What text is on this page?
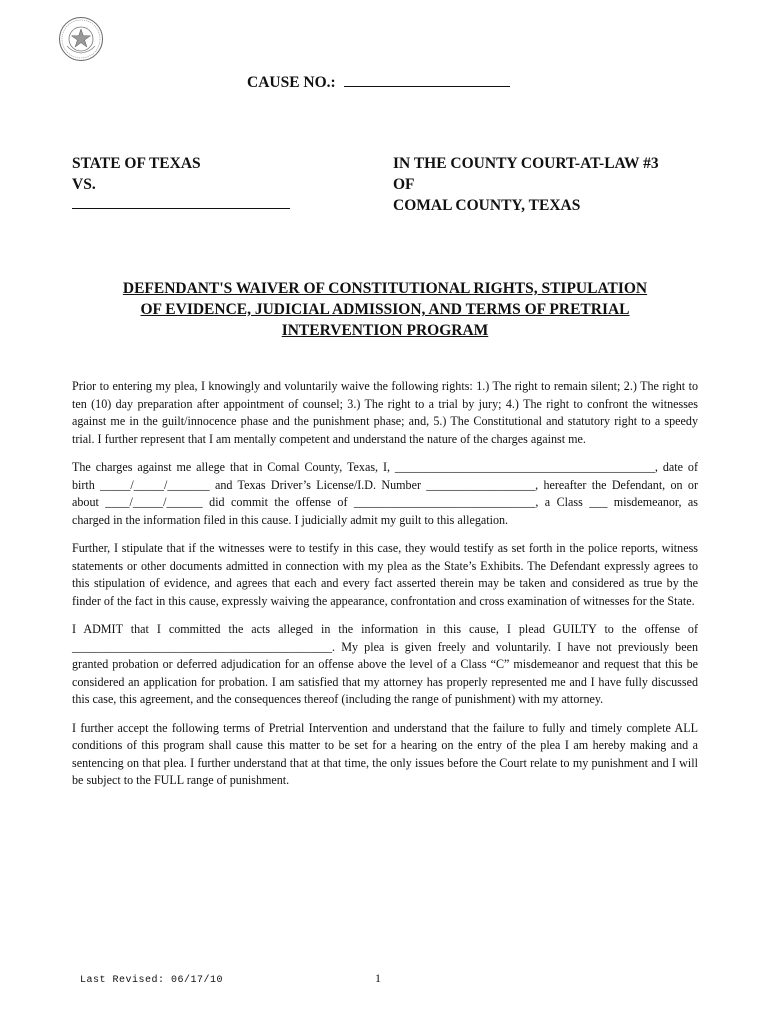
CAUSE NO.:
STATE OF TEXAS
VS.
IN THE COUNTY COURT-AT-LAW #3
OF
COMAL COUNTY, TEXAS
DEFENDANT'S WAIVER OF CONSTITUTIONAL RIGHTS, STIPULATION
OF EVIDENCE, JUDICIAL ADMISSION, AND TERMS OF PRETRIAL
INTERVENTION PROGRAM

Prior to entering my plea, I knowingly and voluntarily waive the following rights: 1.) The right to remain silent; 2.) The right to ten (10) day preparation after appointment of counsel; 3.) The right to a trial by jury; 4.) The right to confront the witnesses against me in the guilt/innocence phase and the punishment phase; and, 5.) The Constitutional and statutory right to a speedy trial. I further represent that I am mentally competent and understand the nature of the charges against me.

The charges against me allege that in Comal County, Texas, I, ___________________________________________, date of birth _____/_____/_______ and Texas Driver’s License/I.D. Number __________________, hereafter the Defendant, on or about ____/_____/______ did commit the offense of ______________________________, a Class ___ misdemeanor, as charged in the information filed in this cause. I judicially admit my guilt to this allegation.

Further, I stipulate that if the witnesses were to testify in this case, they would testify as set forth in the police reports, witness statements or other documents admitted in connection with my plea as the State’s Exhibits. The Defendant expressly agrees to this stipulation of evidence, and agrees that each and every fact asserted therein may be taken and considered as true by the finder of the fact in this cause, expressly waiving the appearance, confrontation and cross examination of witnesses for the State.

I ADMIT that I committed the acts alleged in the information in this cause, I plead GUILTY to the offense of ___________________________________________. My plea is given freely and voluntarily. I have not previously been granted probation or deferred adjudication for an offense above the level of a Class “C” misdemeanor and request that this be considered an application for probation. I am satisfied that my attorney has properly represented me and I have fully discussed this case, this agreement, and the consequences thereof (including the range of punishment) with my attorney.

I further accept the following terms of Pretrial Intervention and understand that the failure to fully and timely complete ALL conditions of this program shall cause this matter to be set for a hearing on the entry of the plea I am hereby making and a sentencing on that plea. I further understand that at that time, the only issues before the Court relate to my punishment and I will be subject to the FULL range of punishment.

Last Revised: 06/17/10	1
